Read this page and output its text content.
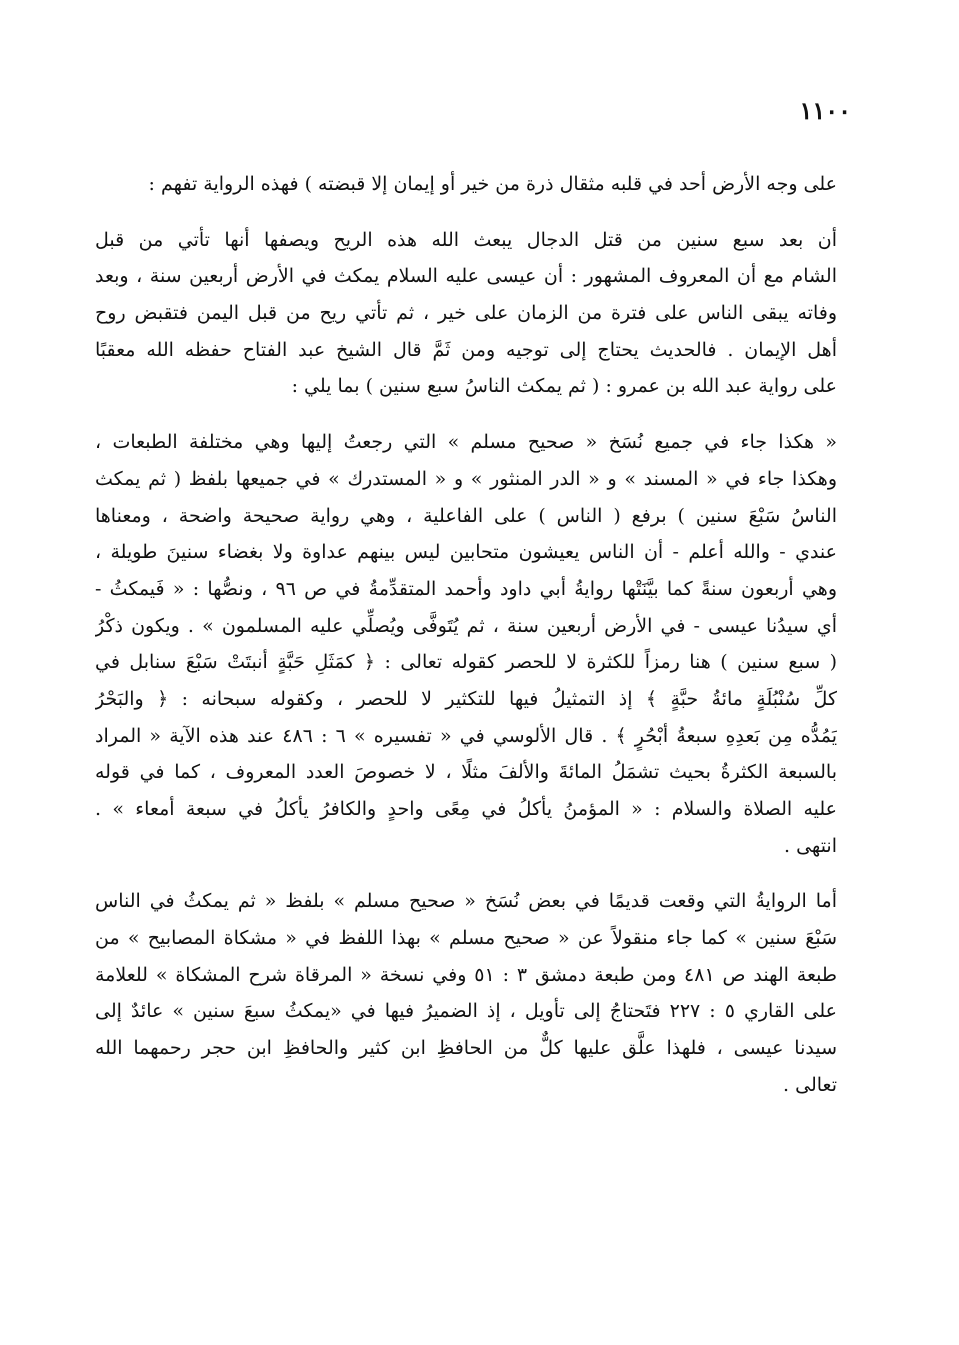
١١٠٠
على وجه الأرض أحد في قلبه مثقال ذرة من خير أو إيمان إلا قبضته ) فهذه الرواية تفهم :
أن بعد سبع سنين من قتل الدجال يبعث الله هذه الريح ويصفها أنها تأتي من قبل
الشام مع أن المعروف المشهور : أن عيسى عليه السلام يمكث في الأرض أربعين سنة ، وبعد
وفاته يبقى الناس على فترة من الزمان على خير ، ثم تأتي ريح من قبل اليمن فتقبض روح
أهل الإيمان . فالحديث يحتاج إلى توجيه ومن ثَمَّ قال الشيخ عبد الفتاح حفظه الله معقبًا
على رواية عبد الله بن عمرو : ( ثم يمكث الناسُ سبع سنين ) بما يلي :
« هكذا جاء في جميع نُسَخ « صحيح مسلم » التي رجعتُ إليها وهي مختلفة الطبعات ،
وهكذا جاء في « المسند » و « الدر المنثور » و « المستدرك » في جميعها بلفظ ( ثم يمكث
الناسُ سَبْعَ سنين ) برفع ( الناس ) على الفاعلية ، وهي رواية صحيحة واضحة ، ومعناها
عندي - والله أعلم - أن الناس يعيشون متحابين ليس بينهم عداوة ولا بغضاء سنينَ طويلة ،
وهي أربعون سنةً كما بيَّنَتْها روايةُ أبي داود وأحمد المتقدِّمةُ في ص ٩٦ ، ونصُّها : « فَيمكثُ -
أي سيدُنا عيسى - في الأرض أربعين سنة ، ثم يُتَوفَّى ويُصلِّي عليه المسلمون » . ويكون ذكْرُ
( سبع سنين ) هنا رمزاً للكثرة لا للحصر كقوله تعالى : ﴿ كمَثَلِ حَبَّةٍ أنبتَتْ سَبْعَ سنابل في
كلِّ سُنْبُلَةٍ مائةُ حبَّةٍ ﴾ إذ التمثيلُ فيها للتكثير لا للحصر ، وكقوله سبحانه : ﴿ والبَحْرُ
يَمُدُّه مِن بَعدِهِ سبعةُ أبْحُرٍ ﴾ . قال الألوسي في « تفسيره » ٦ : ٤٨٦ عند هذه الآية « المراد
بالسبعة الكثرةُ بحيث تشمَلُ المائةَ والألفَ مثلًا ، لا خصوصَ العدد المعروف ، كما في قوله
عليه الصلاة والسلام : « المؤمنُ يأكلُ في مِعًى واحدٍ والكافرُ يأكلُ في سبعة أمعاء » .
انتهى .
أما الروايةُ التي وقعت قديمًا في بعض نُسَخ « صحيح مسلم » بلفظ « ثم يمكثُ في الناس
سَبْعَ سنين » كما جاء منقولاً عن « صحيح مسلم » بهذا اللفظ في « مشكاة المصابيح » من
طبعة الهند ص ٤٨١ ومن طبعة دمشق ٣ : ٥١ وفي نسخة « المرقاة شرح المشكاة » للعلامة
على القاري ٥ : ٢٢٧ فتَحتاجُ إلى تأويل ، إذ الضميرُ فيها في «يمكثُ سبعَ سنين » عائدٌ إلى
سيدنا عيسى ، فلهذا علَّق عليها كلٌّ من الحافظِ ابن كثير والحافظِ ابن حجر رحمهما الله
تعالى .
